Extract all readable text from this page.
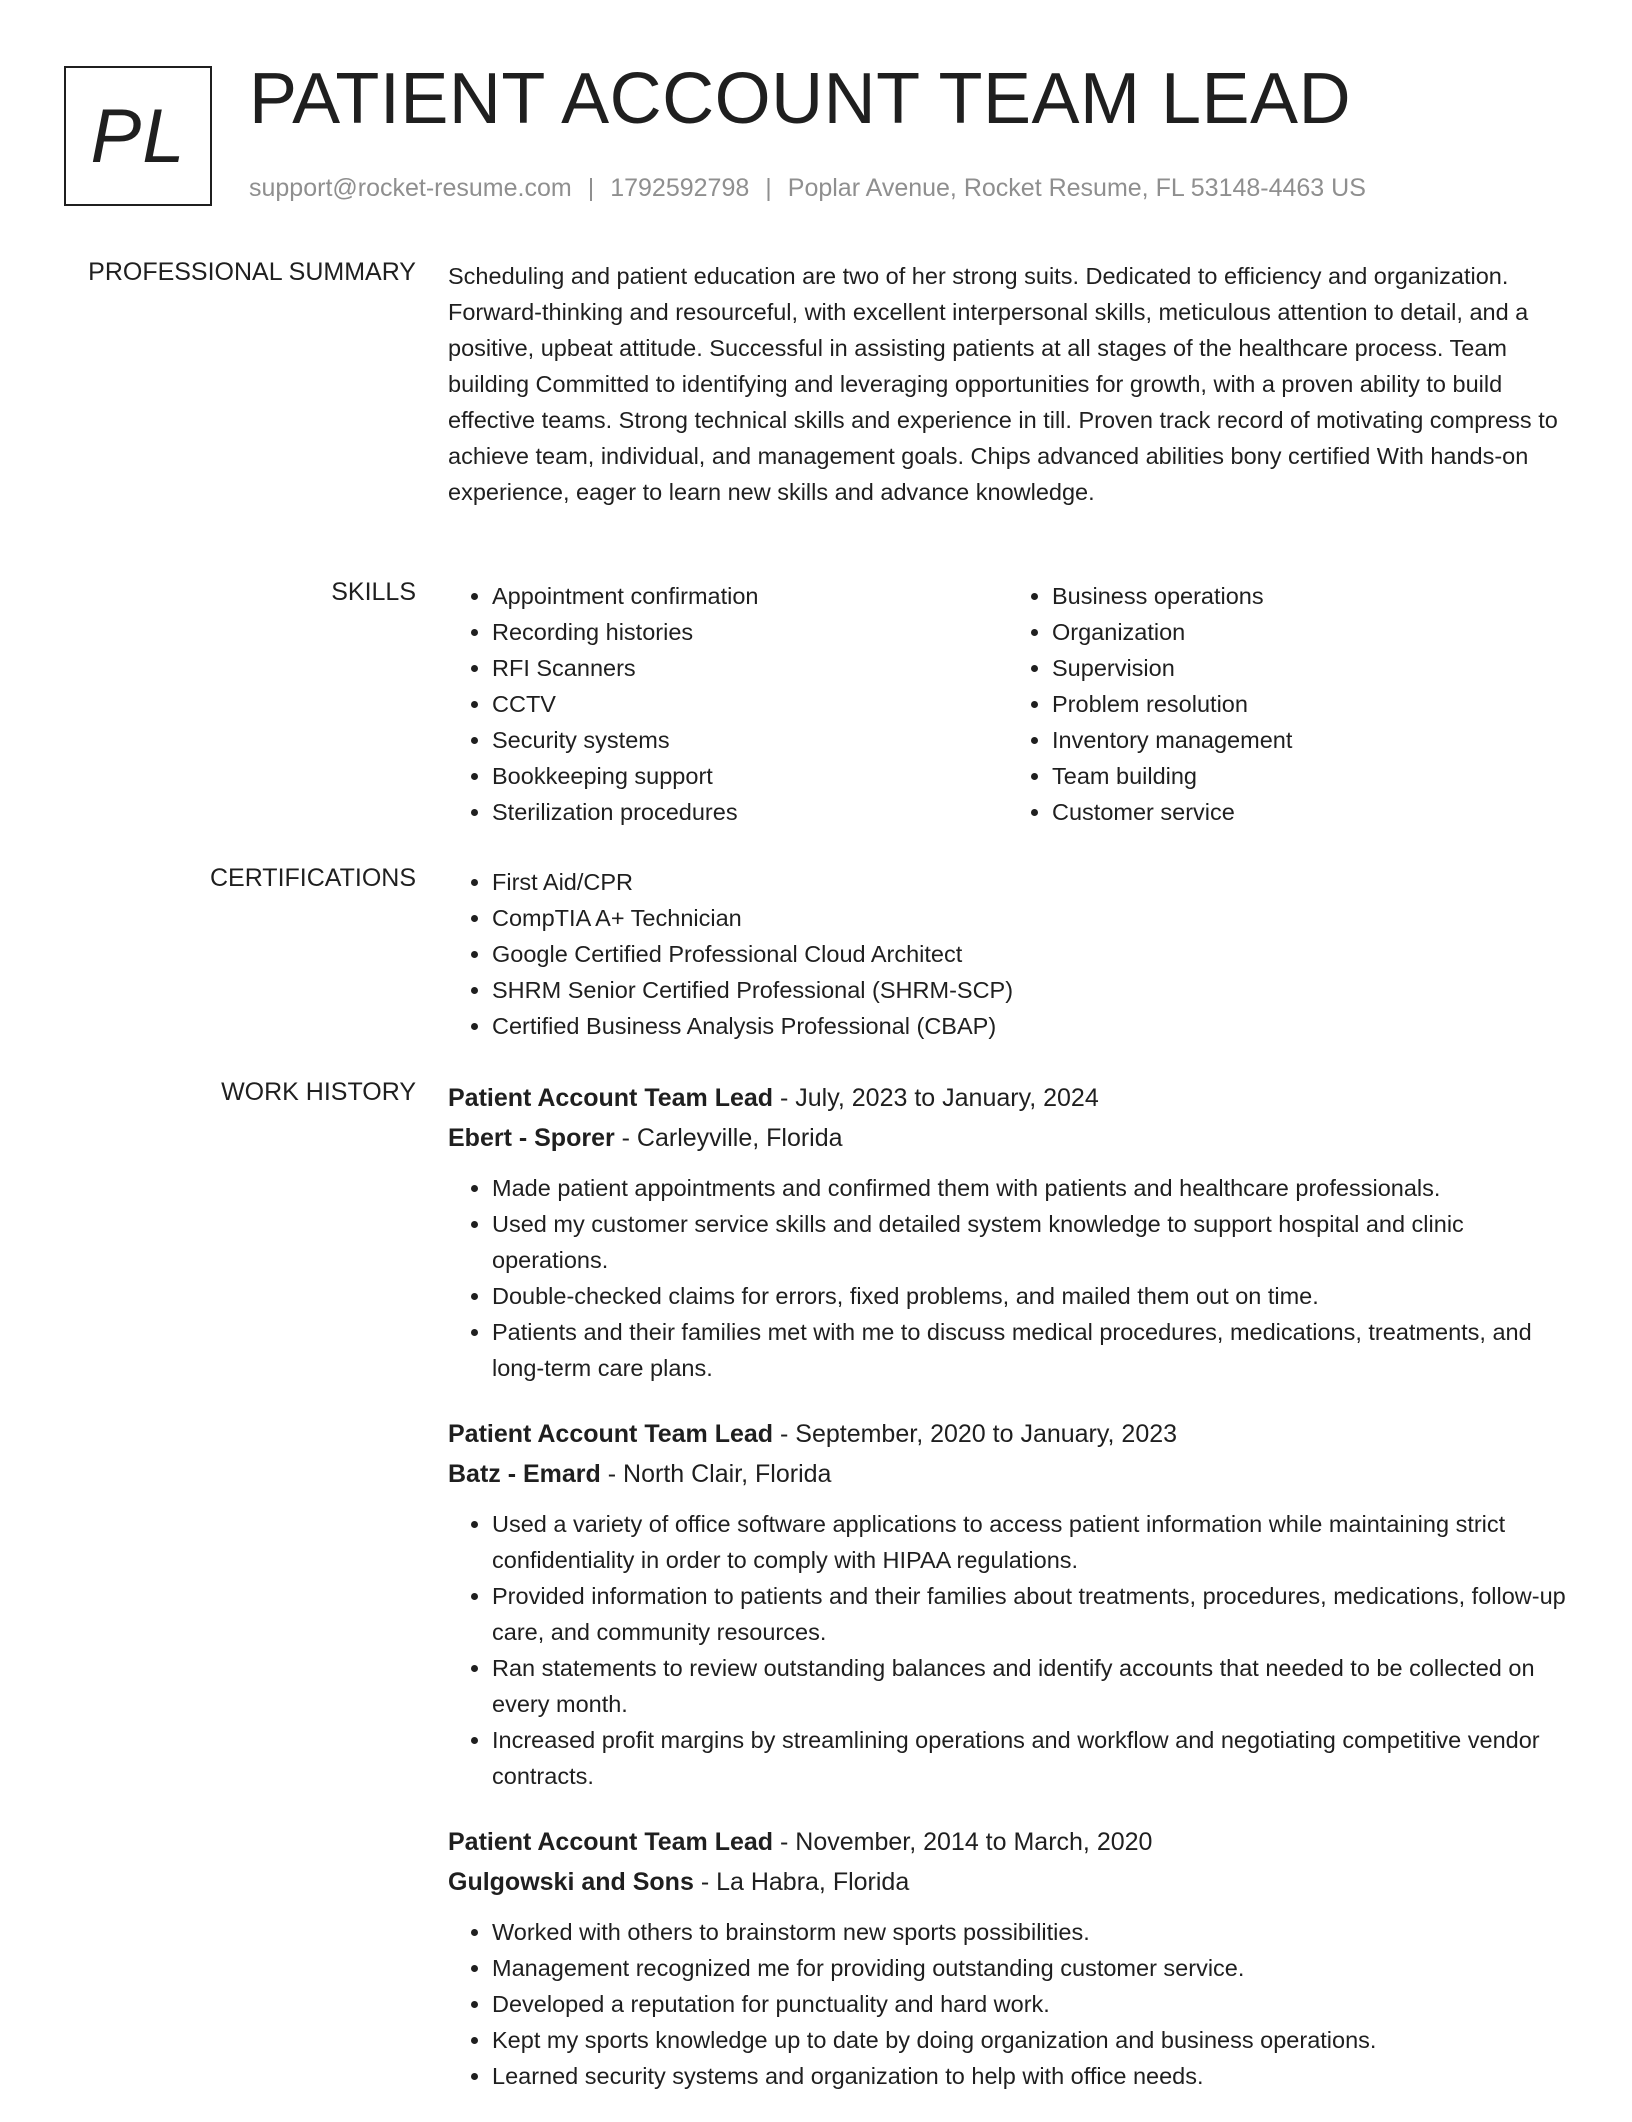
PL PATIENT ACCOUNT TEAM LEAD
support@rocket-resume.com | 1792592798 | Poplar Avenue, Rocket Resume, FL 53148-4463 US
PROFESSIONAL SUMMARY Scheduling and patient education are two of her strong suits. Dedicated to efficiency and organization. Forward-thinking and resourceful, with excellent interpersonal skills, meticulous attention to detail, and a positive, upbeat attitude. Successful in assisting patients at all stages of the healthcare process. Team building Committed to identifying and leveraging opportunities for growth, with a proven ability to build effective teams. Strong technical skills and experience in till. Proven track record of motivating compress to achieve team, individual, and management goals. Chips advanced abilities bony certified With hands-on experience, eager to learn new skills and advance knowledge.

SKILLS	• Appointment confirmation
• Recording histories
• RFI Scanners
• CCTV
• Security systems
• Bookkeeping support
• Sterilization procedures
• Business operations
• Organization
• Supervision
• Problem resolution
• Inventory management
• Team building
• Customer service
CERTIFICATIONS	• First Aid/CPR
• CompTIA A+ Technician
• Google Certified Professional Cloud Architect
• SHRM Senior Certified Professional (SHRM-SCP)
• Certified Business Analysis Professional (CBAP)
WORK HISTORY Patient Account Team Lead - July, 2023 to January, 2024
Ebert - Sporer - Carleyville, Florida
• Made patient appointments and confirmed them with patients and healthcare professionals.
• Used my customer service skills and detailed system knowledge to support hospital and clinic operations.
• Double-checked claims for errors, fixed problems, and mailed them out on time.
• Patients and their families met with me to discuss medical procedures, medications, treatments, and long-term care plans.
Patient Account Team Lead - September, 2020 to January, 2023
Batz - Emard - North Clair, Florida
• Used a variety of office software applications to access patient information while maintaining strict confidentiality in order to comply with HIPAA regulations.
• Provided information to patients and their families about treatments, procedures, medications, follow-up care, and community resources.
• Ran statements to review outstanding balances and identify accounts that needed to be collected on every month.
• Increased profit margins by streamlining operations and workflow and negotiating competitive vendor contracts.
Patient Account Team Lead - November, 2014 to March, 2020
Gulgowski and Sons - La Habra, Florida
• Worked with others to brainstorm new sports possibilities.
• Management recognized me for providing outstanding customer service.
• Developed a reputation for punctuality and hard work.
• Kept my sports knowledge up to date by doing organization and business operations.
• Learned security systems and organization to help with office needs.
